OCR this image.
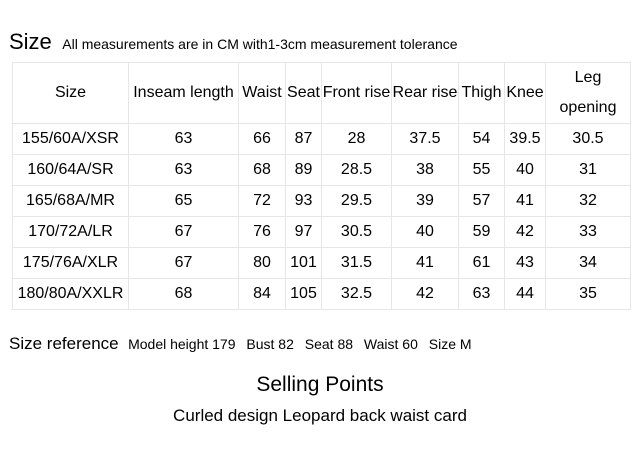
Size All measurements are in CM with1-3cm measurement tolerance
Size	Inseam length	Waist	Seat	Front rise	Rear rise	Thigh	Knee	Leg opening
155/60A/XSR	63	66	87	28	37.5	54	39.5	30.5
160/64A/SR	63	68	89	28.5	38	55	40	31
165/68A/MR	65	72	93	29.5	39	57	41	32
170/72A/LR	67	76	97	30.5	40	59	42	33
175/76A/XLR	67	80	101	31.5	41	61	43	34
180/80A/XXLR	68	84	105	32.5	42	63	44	35
Size reference Model height 179 Bust 82 Seat 88 Waist 60 Size M
Selling Points
Curled design Leopard back waist card
